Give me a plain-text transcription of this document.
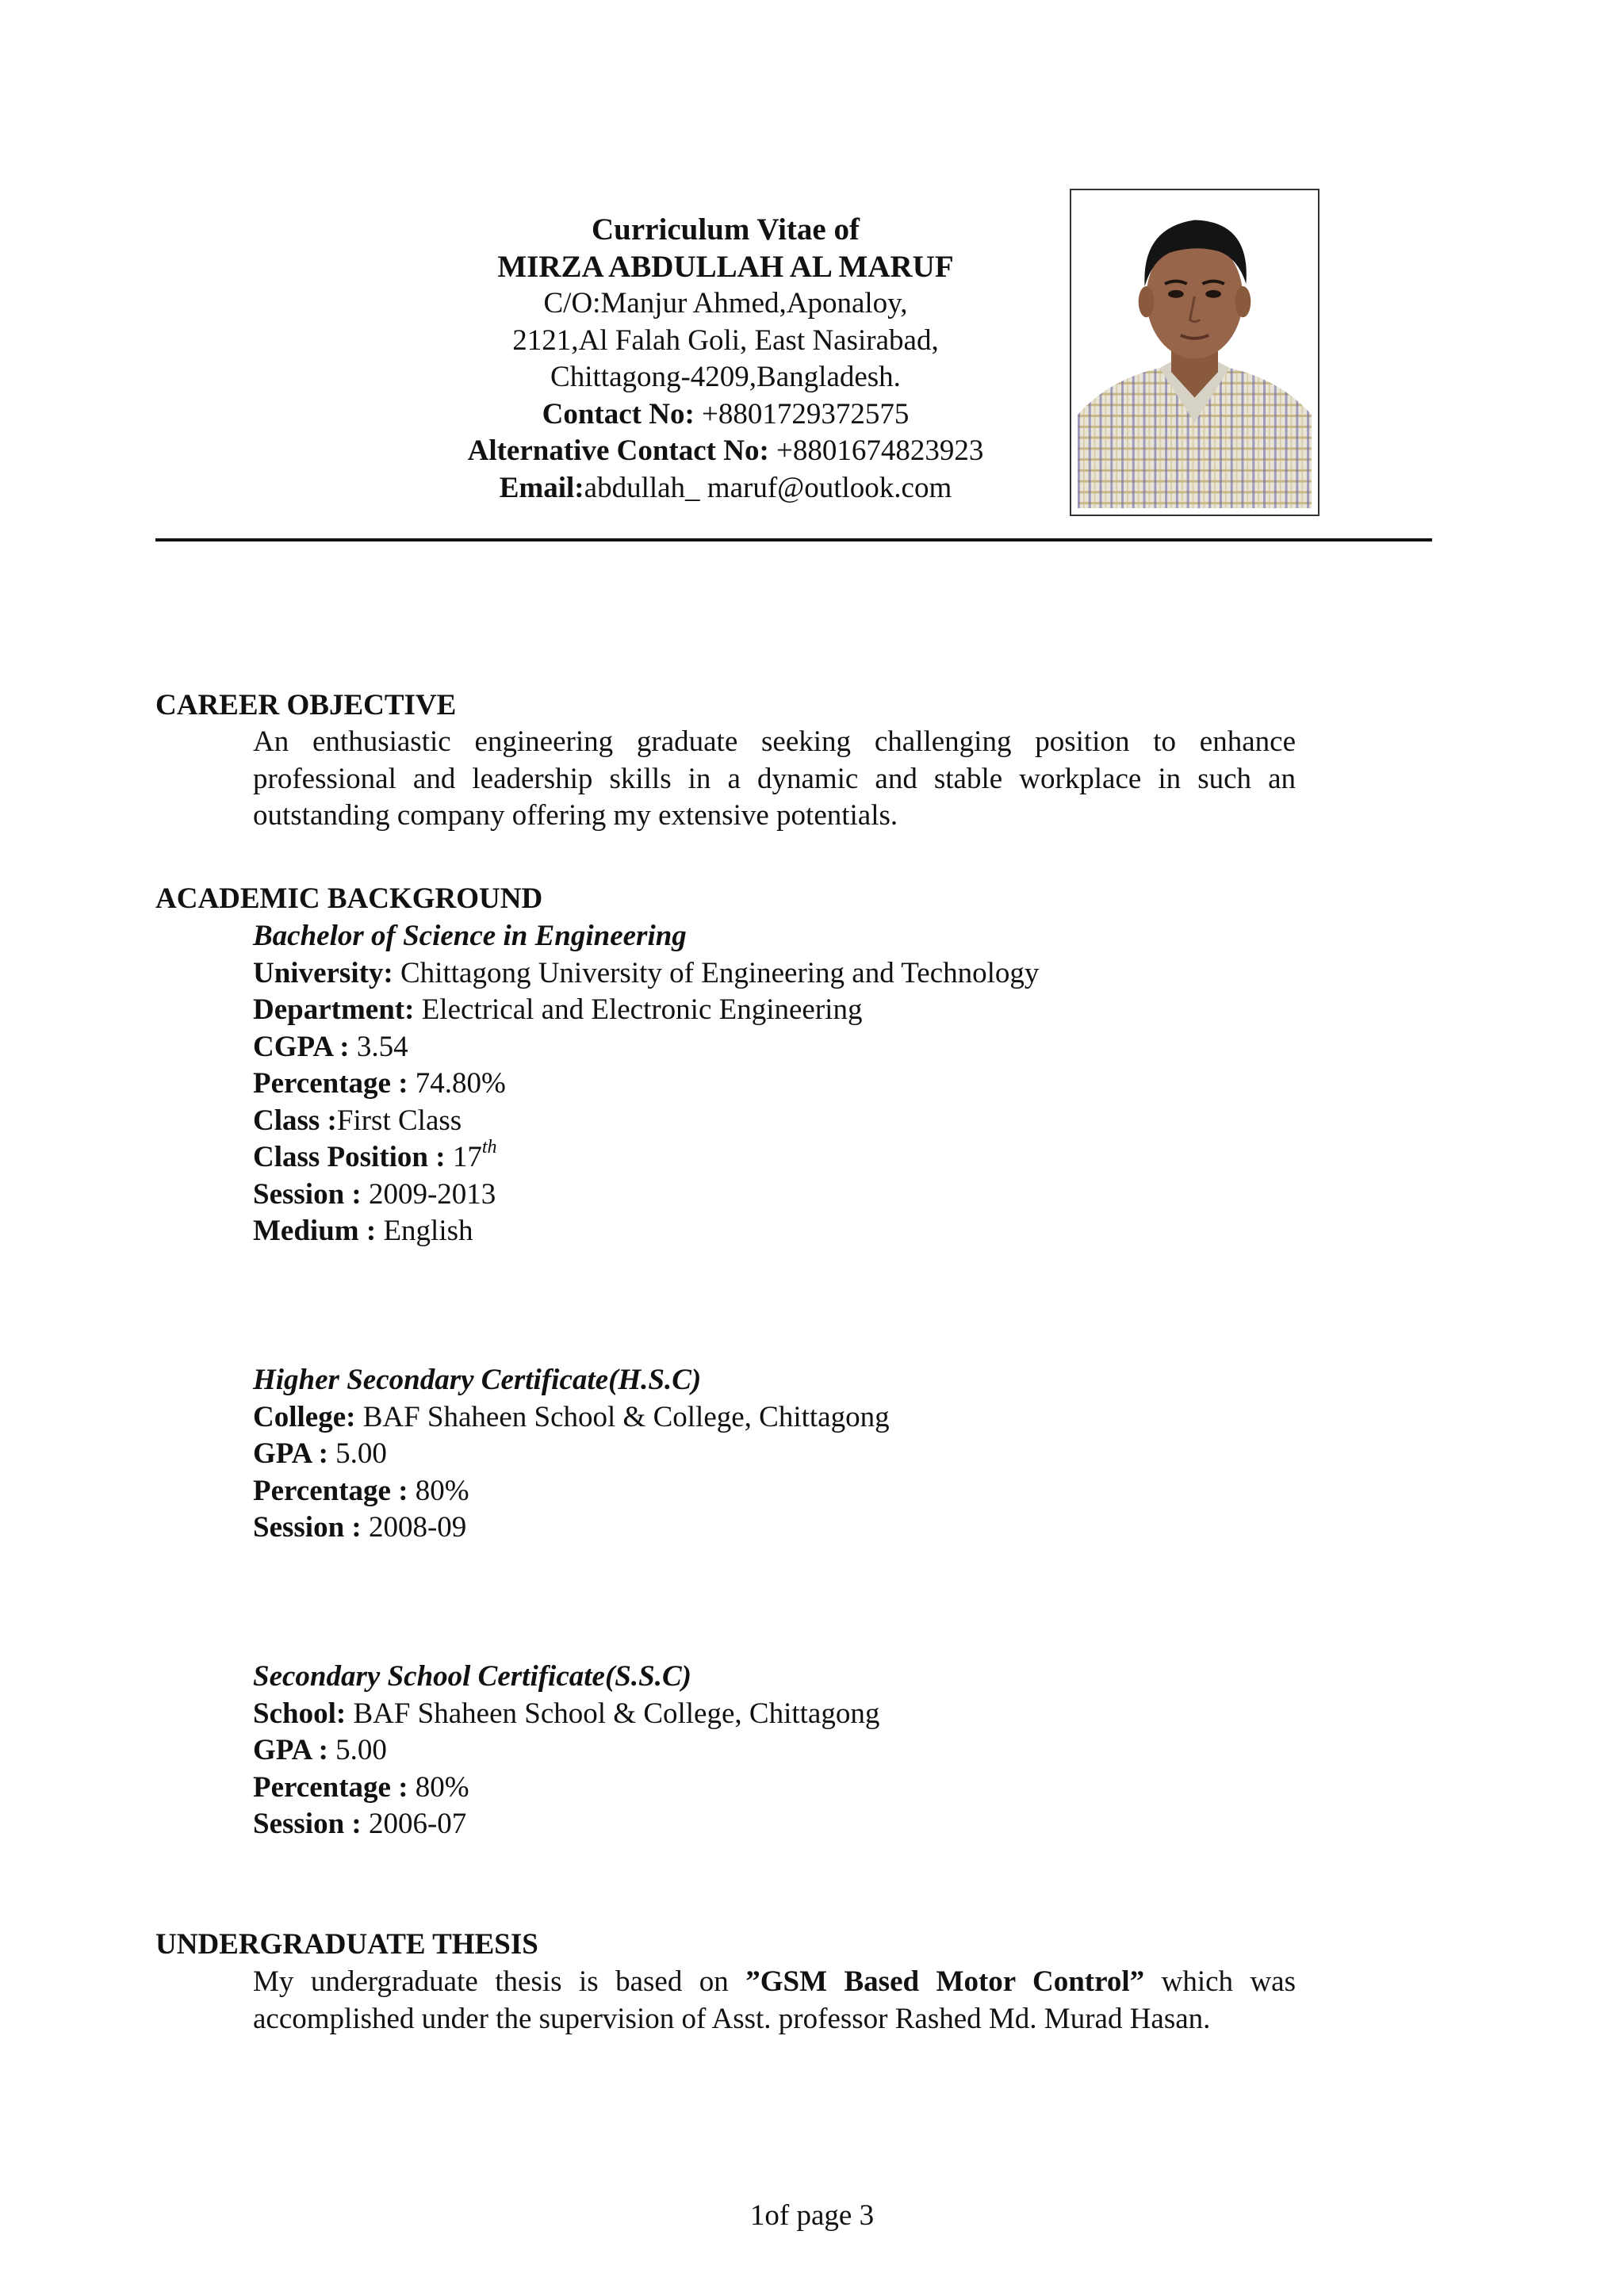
Curriculum Vitae of
MIRZA ABDULLAH AL MARUF
C/O:Manjur Ahmed,Aponaloy,
2121,Al Falah Goli, East Nasirabad,
Chittagong-4209,Bangladesh.
Contact No: +8801729372575
Alternative Contact No: +8801674823923
Email:abdullah_ maruf@outlook.com
CAREER OBJECTIVE
An enthusiastic engineering graduate seeking challenging position to enhance professional and leadership skills in a dynamic and stable workplace in such an outstanding company offering my extensive potentials.
ACADEMIC BACKGROUND
Bachelor of Science in Engineering
University: Chittagong University of Engineering and Technology
Department: Electrical and Electronic Engineering
CGPA : 3.54
Percentage : 74.80%
Class :First Class
Class Position : 17th
Session : 2009-2013
Medium : English
Higher Secondary Certificate(H.S.C)
College: BAF Shaheen School & College, Chittagong
GPA : 5.00
Percentage : 80%
Session : 2008-09
Secondary School Certificate(S.S.C)
School: BAF Shaheen School & College, Chittagong
GPA : 5.00
Percentage : 80%
Session : 2006-07
UNDERGRADUATE THESIS
My undergraduate thesis is based on ”GSM Based Motor Control” which was accomplished under the supervision of Asst. professor Rashed Md. Murad Hasan.
1of page 3
